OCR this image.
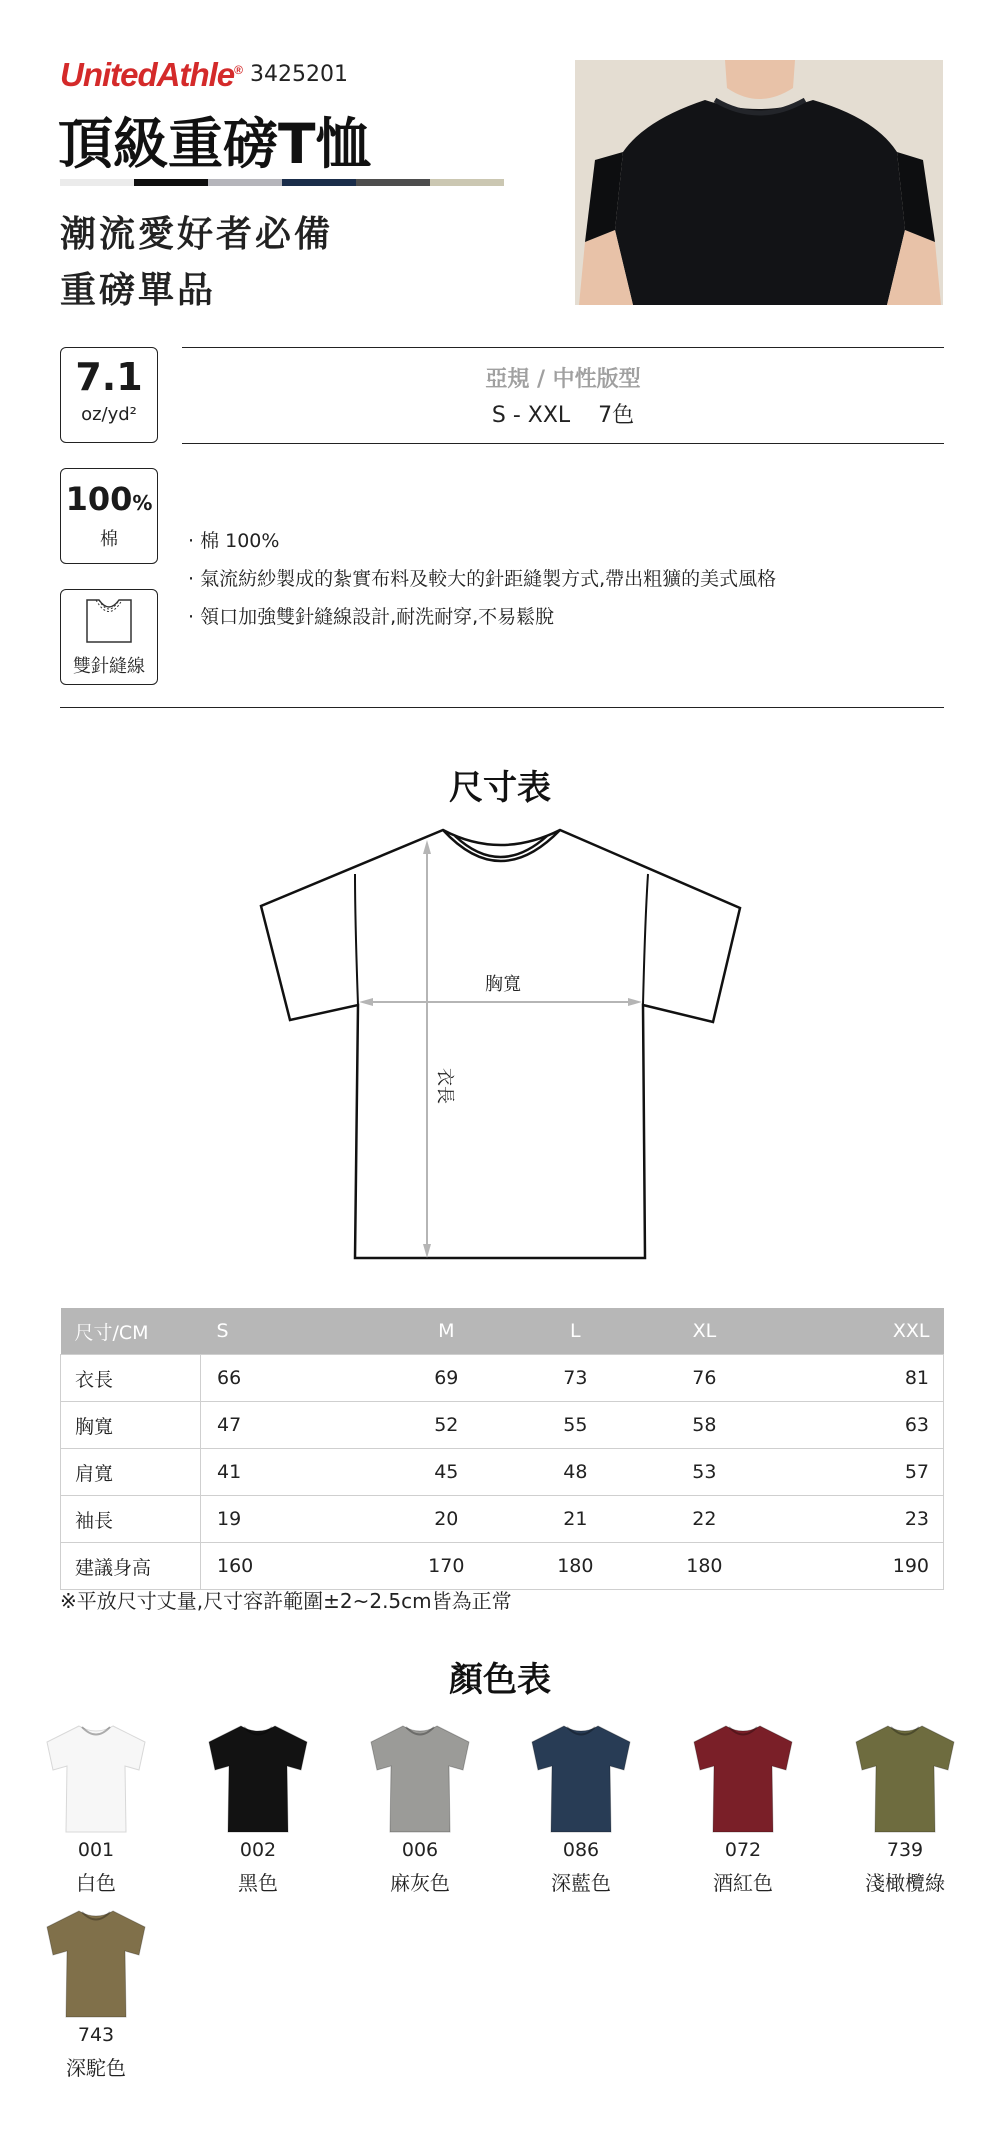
UnitedAthle® 3425201
頂級重磅T恤
潮流愛好者必備
重磅單品
7.1
oz/yd²
100%
棉
雙針縫線
亞規 / 中性版型
S - XXL 7色
· 棉 100%
· 氣流紡紗製成的紮實布料及較大的針距縫製方式,帶出粗獷的美式風格
· 領口加強雙針縫線設計,耐洗耐穿,不易鬆脫
尺寸表
胸寬
衣長
尺寸/CM	S	M	L	XL	XXL
衣長	66	69	73	76	81
胸寬	47	52	55	58	63
肩寬	41	45	48	53	57
袖長	19	20	21	22	23
建議身高	160	170	180	180	190
※平放尺寸丈量,尺寸容許範圍±2~2.5cm皆為正常
顏色表
001
白色
002
黑色
006
麻灰色
086
深藍色
072
酒紅色
739
淺橄欖綠
743
深駝色
